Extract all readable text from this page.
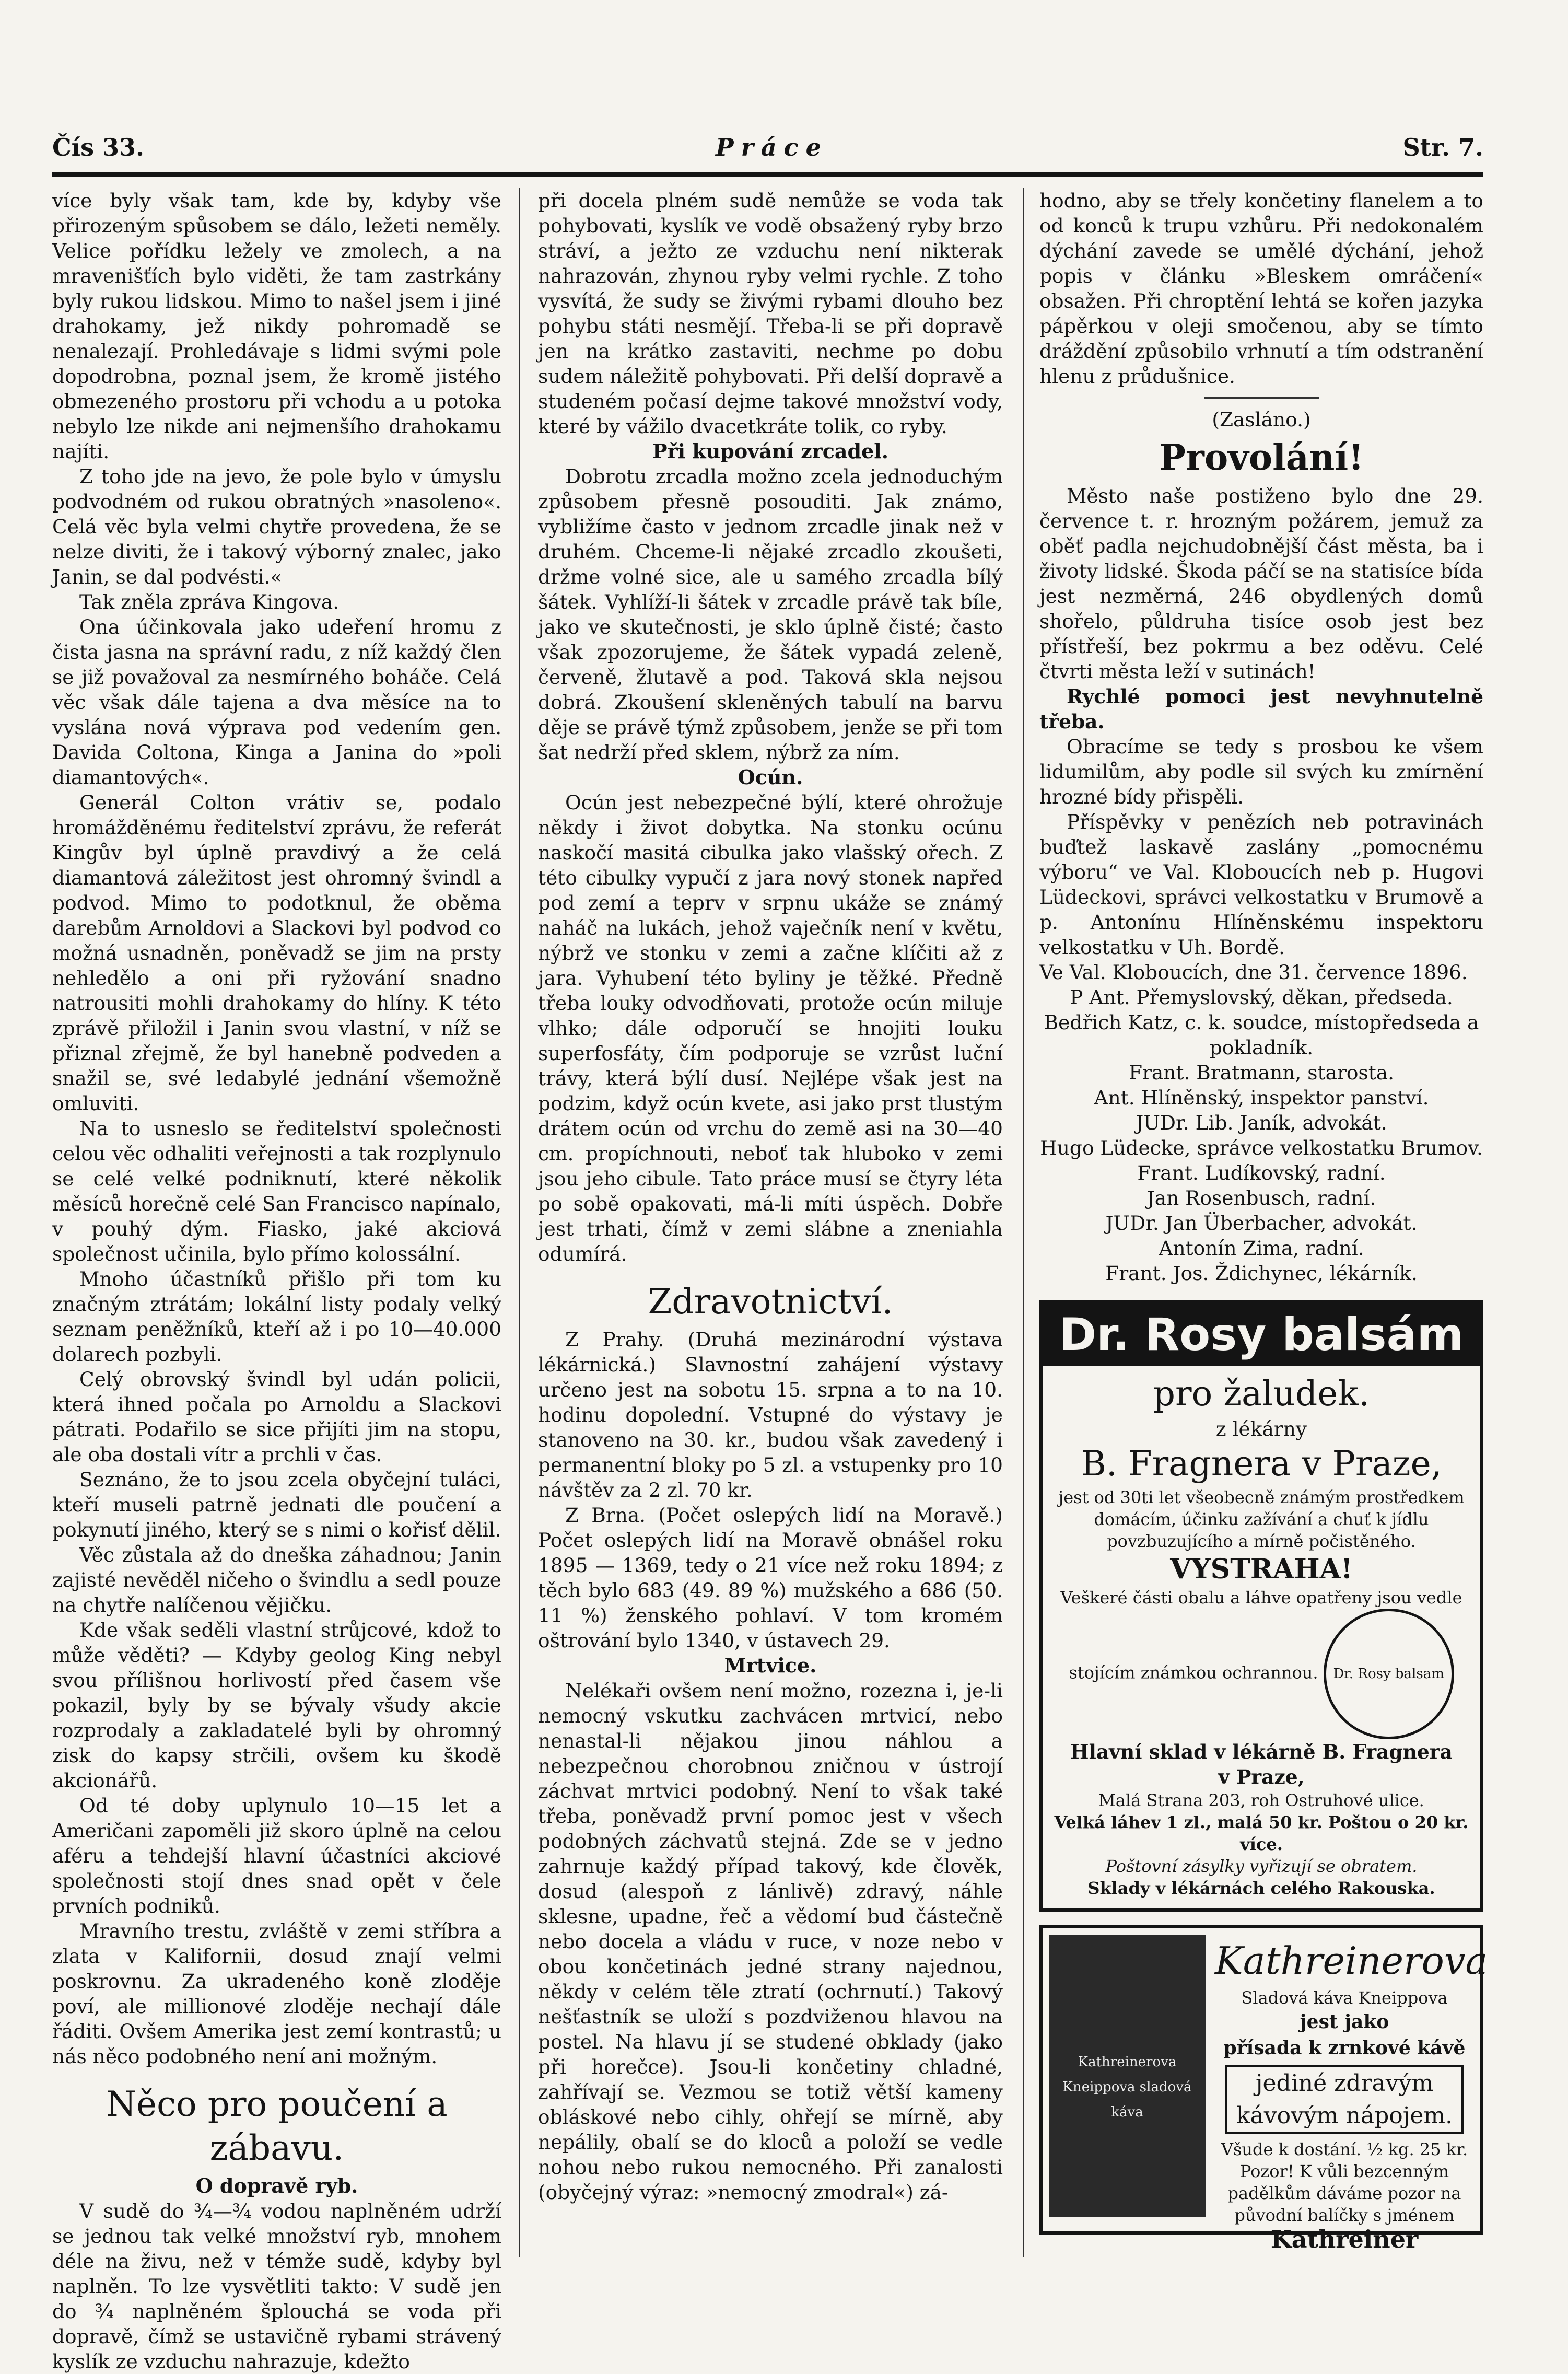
Čís 33.	Práce	Str. 7.

více byly však tam, kde by, kdyby vše přirozeným spůsobem se dálo, ležeti neměly. Velice pořídku ležely ve zmolech, a na mravenišťích bylo viděti, že tam zastrkány byly rukou lidskou. Mimo to našel jsem i jiné drahokamy, jež nikdy pohromadě se nenalezají. Prohledávaje s lidmi svými pole dopodrobna, poznal jsem, že kromě jistého obmezeného prostoru při vchodu a u potoka nebylo lze nikde ani nejmenšího drahokamu najíti.

Z toho jde na jevo, že pole bylo v úmyslu podvodném od rukou obratných »nasoleno«. Celá věc byla velmi chytře provedena, že se nelze diviti, že i takový výborný znalec, jako Janin, se dal podvésti.«

Tak zněla zpráva Kingova.

Ona účinkovala jako udeření hromu z čista jasna na správní radu, z níž každý člen se již považoval za nesmírného boháče. Celá věc však dále tajena a dva měsíce na to vyslána nová výprava pod vedením gen. Davida Coltona, Kinga a Janina do »poli diamantových«.

Generál Colton vrátiv se, podalo hromážděnému ředitelství zprávu, že referát Kingův byl úplně pravdivý a že celá diamantová záležitost jest ohromný švindl a podvod. Mimo to podotknul, že oběma darebům Arnoldovi a Slackovi byl podvod co možná usnadněn, poněvadž se jim na prsty nehledělo a oni při ryžování snadno natrousiti mohli drahokamy do hlíny. K této zprávě přiložil i Janin svou vlastní, v níž se přiznal zřejmě, že byl hanebně podveden a snažil se, své ledabylé jednání všemožně omluviti.

Na to usneslo se ředitelství společnosti celou věc odhaliti veřejnosti a tak rozplynulo se celé velké podniknutí, které několik měsíců horečně celé San Francisco napínalo, v pouhý dým. Fiasko, jaké akciová společnost učinila, bylo přímo kolossální.

Mnoho účastníků přišlo při tom ku značným ztrátám; lokální listy podaly velký seznam peněžníků, kteří až i po 10—40.000 dolarech pozbyli.

Celý obrovský švindl byl udán policii, která ihned počala po Arnoldu a Slackovi pátrati. Podařilo se sice přijíti jim na stopu, ale oba dostali vítr a prchli v čas.

Seznáno, že to jsou zcela obyčejní tuláci, kteří museli patrně jednati dle poučení a pokynutí jiného, který se s nimi o kořisť dělil.

Věc zůstala až do dneška záhadnou; Janin zajisté nevěděl ničeho o švindlu a sedl pouze na chytře nalíčenou vějičku.

Kde však seděli vlastní strůjcové, kdož to může věděti? — Kdyby geolog King nebyl svou přílišnou horlivostí před časem vše pokazil, byly by se bývaly všudy akcie rozprodaly a zakladatelé byli by ohromný zisk do kapsy strčili, ovšem ku škodě akcionářů.

Od té doby uplynulo 10—15 let a Američani zapoměli již skoro úplně na celou aféru a tehdejší hlavní účastníci akciové společnosti stojí dnes snad opět v čele prvních podniků.

Mravního trestu, zvláště v zemi stříbra a zlata v Kalifornii, dosud znají velmi poskrovnu. Za ukradeného koně zloděje poví, ale millionové zloděje nechají dále řáditi. Ovšem Amerika jest zemí kontrastů; u nás něco podobného není ani možným.

Něco pro poučení a zábavu.

O dopravě ryb.

V sudě do ¾—¾ vodou naplněném udrží se jednou tak velké množství ryb, mnohem déle na živu, než v témže sudě, kdyby byl naplněn. To lze vysvětliti takto: V sudě jen do ¾ naplněném šplouchá se voda při dopravě, čímž se ustavičně rybami strávený kyslík ze vzduchu nahrazuje, kdežto

při docela plném sudě nemůže se voda tak pohybovati, kyslík ve vodě obsažený ryby brzo stráví, a ježto ze vzduchu není nikterak nahrazován, zhynou ryby velmi rychle. Z toho vysvítá, že sudy se živými rybami dlouho bez pohybu státi nesmějí. Třeba-li se při dopravě jen na krátko zastaviti, nechme po dobu sudem náležitě pohybovati. Při delší dopravě a studeném počasí dejme takové množství vody, které by vážilo dvacetkráte tolik, co ryby.

Při kupování zrcadel.

Dobrotu zrcadla možno zcela jednoduchým způsobem přesně posouditi. Jak známo, vybližíme často v jednom zrcadle jinak než v druhém. Chceme-li nějaké zrcadlo zkoušeti, držme volné sice, ale u samého zrcadla bílý šátek. Vyhlíží-li šátek v zrcadle právě tak bíle, jako ve skutečnosti, je sklo úplně čisté; často však zpozorujeme, že šátek vypadá zeleně, červeně, žlutavě a pod. Taková skla nejsou dobrá. Zkoušení skleněných tabulí na barvu děje se právě týmž způsobem, jenže se při tom šat nedrží před sklem, nýbrž za ním.

Ocún.

Ocún jest nebezpečné býlí, které ohrožuje někdy i život dobytka. Na stonku ocúnu naskočí masitá cibulka jako vlašský ořech. Z této cibulky vypučí z jara nový stonek napřed pod zemí a teprv v srpnu ukáže se známý naháč na lukách, jehož vaječník není v květu, nýbrž ve stonku v zemi a začne klíčiti až z jara. Vyhubení této byliny je těžké. Předně třeba louky odvodňovati, protože ocún miluje vlhko; dále odporučí se hnojiti louku superfosfáty, čím podporuje se vzrůst luční trávy, která býlí dusí. Nejlépe však jest na podzim, když ocún kvete, asi jako prst tlustým drátem ocún od vrchu do země asi na 30—40 cm. propíchnouti, neboť tak hluboko v zemi jsou jeho cibule. Tato práce musí se čtyry léta po sobě opakovati, má-li míti úspěch. Dobře jest trhati, čímž v zemi slábne a zneniahla odumírá.

Zdravotnictví.

Z Prahy. (Druhá mezinárodní výstava lékárnická.) Slavnostní zahájení výstavy určeno jest na sobotu 15. srpna a to na 10. hodinu dopolední. Vstupné do výstavy je stanoveno na 30. kr., budou však zavedený i permanentní bloky po 5 zl. a vstupenky pro 10 návštěv za 2 zl. 70 kr.

Z Brna. (Počet oslepých lidí na Moravě.) Počet oslepých lidí na Moravě obnášel roku 1895 — 1369, tedy o 21 více než roku 1894; z těch bylo 683 (49. 89 %) mužského a 686 (50. 11 %) ženského pohlaví. V tom kromém oštrování bylo 1340, v ústavech 29.

Mrtvice.

Nelékaři ovšem není možno, rozezna i, je-li nemocný vskutku zachvácen mrtvicí, nebo nenastal-li nějakou jinou náhlou a nebezpečnou chorobnou zničnou v ústrojí záchvat mrtvici podobný. Není to však také třeba, poněvadž první pomoc jest v všech podobných záchvatů stejná. Zde se v jedno zahrnuje každý případ takový, kde člověk, dosud (alespoň z lánlivě) zdravý, náhle sklesne, upadne, řeč a vědomí bud částečně nebo docela a vládu v ruce, v noze nebo v obou končetinách jedné strany najednou, někdy v celém těle ztratí (ochrnutí.) Takový nešťastník se uloží s pozdviženou hlavou na postel. Na hlavu jí se studené obklady (jako při horečce). Jsou-li končetiny chladné, zahřívají se. Vezmou se totiž větší kameny obláskové nebo cihly, ohřejí se mírně, aby nepálily, obalí se do kloců a položí se vedle nohou nebo rukou nemocného. Při zanalosti (obyčejný výraz: »nemocný zmodral«) zá-

hodno, aby se třely končetiny flanelem a to od konců k trupu vzhůru. Při nedokonalém dýchání zavede se umělé dýchání, jehož popis v článku »Bleskem omráčení« obsažen. Při chroptění lehtá se kořen jazyka pápěrkou v oleji smočenou, aby se tímto dráždění způsobilo vrhnutí a tím odstranění hlenu z průdušnice.

(Zasláno.)

Provolání!

Město naše postiženo bylo dne 29. července t. r. hrozným požárem, jemuž za oběť padla nejchudobnější část města, ba i životy lidské. Škoda páčí se na statisíce bída jest nezměrná, 246 obydlených domů shořelo, půldruha tisíce osob jest bez přístřeší, bez pokrmu a bez oděvu. Celé čtvrti města leží v sutinách!

Rychlé pomoci jest nevyhnutelně třeba.

Obracíme se tedy s prosbou ke všem lidumilům, aby podle sil svých ku zmírnění hrozné bídy přispěli.

Příspěvky v penězích neb potravinách buďtež laskavě zaslány „pomocnému výboru“ ve Val. Kloboucích neb p. Hugovi Lüdeckovi, správci velkostatku v Brumově a p. Antonínu Hlíněnskému inspektoru velkostatku v Uh. Bordě.

Ve Val. Kloboucích, dne 31. července 1896.

P Ant. Přemyslovský, děkan, předseda.

Bedřich Katz, c. k. soudce, místopředseda a pokladník.

Frant. Bratmann, starosta.

Ant. Hlíněnský, inspektor panství.

JUDr. Lib. Janík, advokát.

Hugo Lüdecke, správce velkostatku Brumov.

Frant. Ludíkovský, radní.

Jan Rosenbusch, radní.

JUDr. Jan Überbacher, advokát.

Antonín Zima, radní.

Frant. Jos. Ždichynec, lékárník.

Dr. Rosy balsám

pro žaludek.

z lékárny

B. Fragnera v Praze,

jest od 30ti let všeobecně známým prostředkem domácím, účinku zažívání a chuť k jídlu povzbuzujícího a mírně počistěného.

VYSTRAHA!

Veškeré části obalu a láhve opatřeny jsou vedle stojícím známkou ochrannou. Dr. Rosy balsam

Hlavní sklad v lékárně B. Fragnera

v Praze,

Malá Strana 203, roh Ostruhové ulice.

Velká láhev 1 zl., malá 50 kr. Poštou o 20 kr. více.

Poštovní zásylky vyřizují se obratem.

Sklady v lékárnách celého Rakouska.

Kathreinerova Kneippova sladová káva
Kathreinerova
Sladová káva Kneippova
jest jako
přísada k zrnkové kávě
jediné zdravým
kávovým nápojem.
Všude k dostání. ½ kg. 25 kr.
Pozor! K vůli bezcenným padělkům dáváme pozor na původní balíčky s jménem
Kathreiner
